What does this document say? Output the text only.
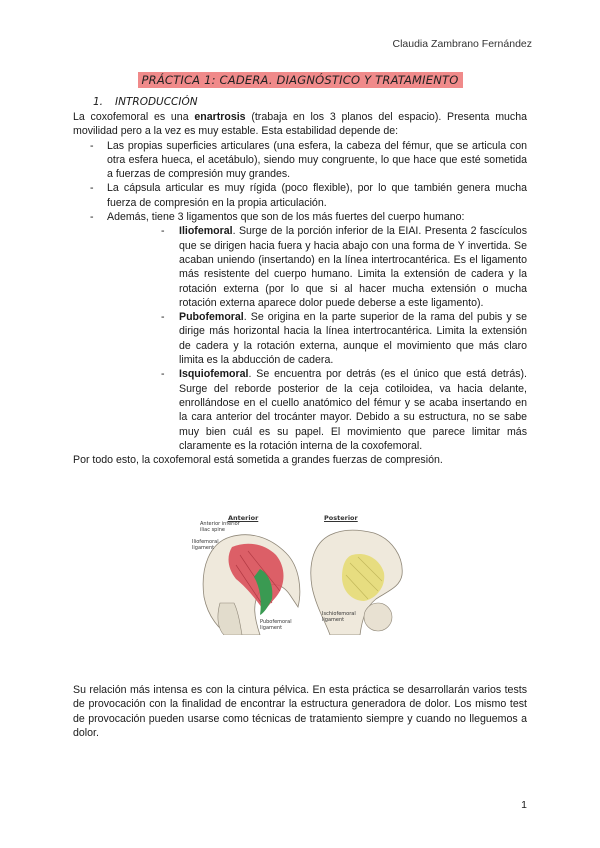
Claudia Zambrano Fernández
PRÁCTICA 1: CADERA. DIAGNÓSTICO Y TRATAMIENTO
1. INTRODUCCIÓN

La coxofemoral es una enartrosis (trabaja en los 3 planos del espacio). Presenta mucha movilidad pero a la vez es muy estable. Esta estabilidad depende de:

- Las propias superficies articulares (una esfera, la cabeza del fémur, que se articula con otra esfera hueca, el acetábulo), siendo muy congruente, lo que hace que esté sometida a fuerzas de compresión muy grandes.
- La cápsula articular es muy rígida (poco flexible), por lo que también genera mucha fuerza de compresión en la propia articulación.
- Además, tiene 3 ligamentos que son de los más fuertes del cuerpo humano:
- Iliofemoral. Surge de la porción inferior de la EIAI. Presenta 2 fascículos que se dirigen hacia fuera y hacia abajo con una forma de Y invertida. Se acaban uniendo (insertando) en la línea intertrocantérica. Es el ligamento más resistente del cuerpo humano. Limita la extensión de cadera y la rotación externa (por lo que si al hacer mucha extensión o mucha rotación externa aparece dolor puede deberse a este ligamento).
- Pubofemoral. Se origina en la parte superior de la rama del pubis y se dirige más horizontal hacia la línea intertrocantérica. Limita la extensión de cadera y la rotación externa, aunque el movimiento que más claro limita es la abducción de cadera.
- Isquiofemoral. Se encuentra por detrás (es el único que está detrás). Surge del reborde posterior de la ceja cotiloidea, va hacia delante, enrollándose en el cuello anatómico del fémur y se acaba insertando en la cara anterior del trocánter mayor. Debido a su estructura, no se sabe muy bien cuál es su papel. El movimiento que parece limitar más claramente es la rotación interna de la coxofemoral.

Por todo esto, la coxofemoral está sometida a grandes fuerzas de compresión.

Anterior	Posterior
Anterior inferior
iliac spine
Iliofemoral
ligament
Pubofemoral
ligament
Ischiofemoral
ligament
Su relación más intensa es con la cintura pélvica. En esta práctica se desarrollarán varios tests de provocación con la finalidad de encontrar la estructura generadora de dolor. Los mismo test de provocación pueden usarse como técnicas de tratamiento siempre y cuando no lleguemos a dolor.
1
